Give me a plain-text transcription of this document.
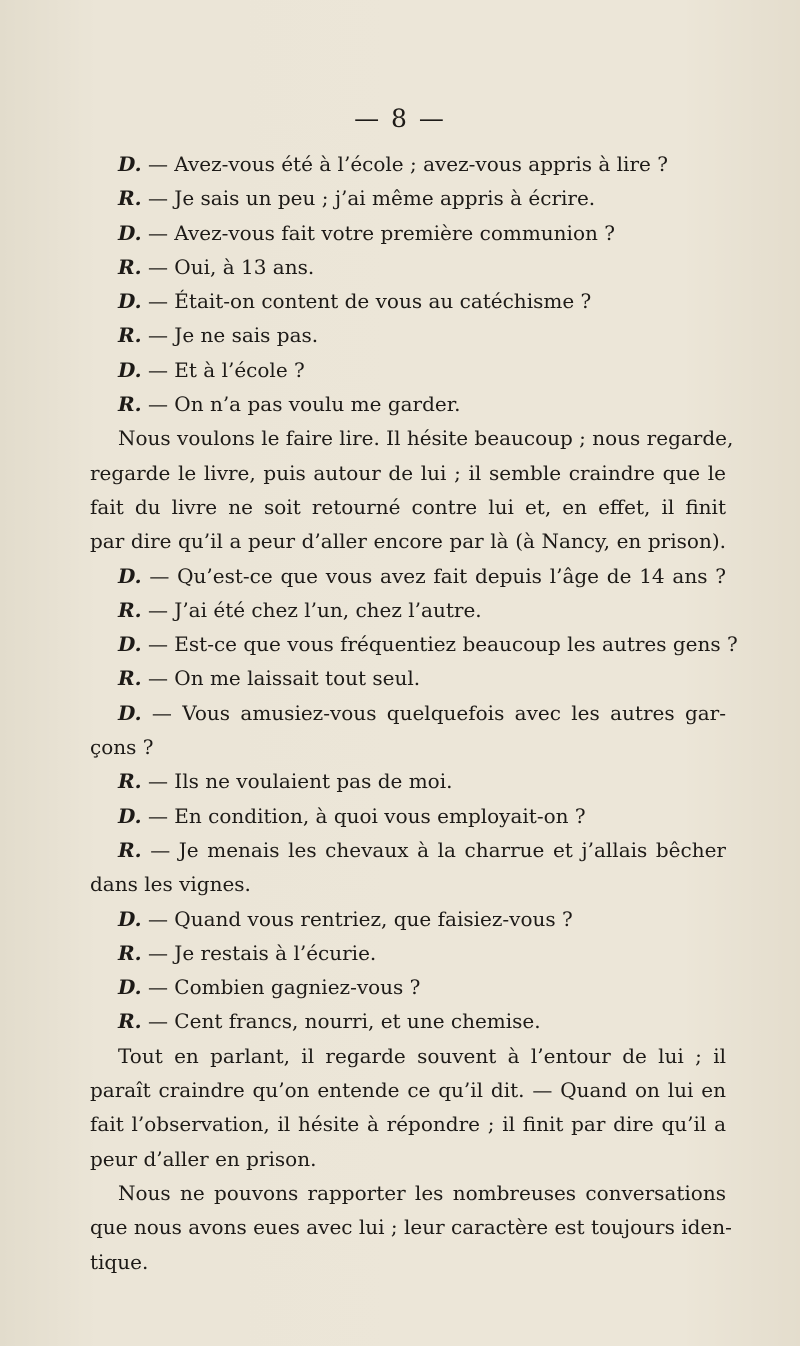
— 8 —
D. — Avez-vous été à l’école ; avez-vous appris à lire ?
R. — Je sais un peu ; j’ai même appris à écrire.
D. — Avez-vous fait votre première communion ?
R. — Oui, à 13 ans.
D. — Était-on content de vous au catéchisme ?
R. — Je ne sais pas.
D. — Et à l’école ?
R. — On n’a pas voulu me garder.
Nous voulons le faire lire. Il hésite beaucoup ; nous regarde,
regarde le livre, puis autour de lui ; il semble craindre que le
fait du livre ne soit retourné contre lui et, en effet, il finit
par dire qu’il a peur d’aller encore par là (à Nancy, en prison).
D. — Qu’est-ce que vous avez fait depuis l’âge de 14 ans ?
R. — J’ai été chez l’un, chez l’autre.
D. — Est-ce que vous fréquentiez beaucoup les autres gens ?
R. — On me laissait tout seul.
D. — Vous amusiez-vous quelquefois avec les autres gar-
çons ?
R. — Ils ne voulaient pas de moi.
D. — En condition, à quoi vous employait-on ?
R. — Je menais les chevaux à la charrue et j’allais bêcher
dans les vignes.
D. — Quand vous rentriez, que faisiez-vous ?
R. — Je restais à l’écurie.
D. — Combien gagniez-vous ?
R. — Cent francs, nourri, et une chemise.
Tout en parlant, il regarde souvent à l’entour de lui ; il
paraît craindre qu’on entende ce qu’il dit. — Quand on lui en
fait l’observation, il hésite à répondre ; il finit par dire qu’il a
peur d’aller en prison.
Nous ne pouvons rapporter les nombreuses conversations
que nous avons eues avec lui ; leur caractère est toujours iden-
tique.
